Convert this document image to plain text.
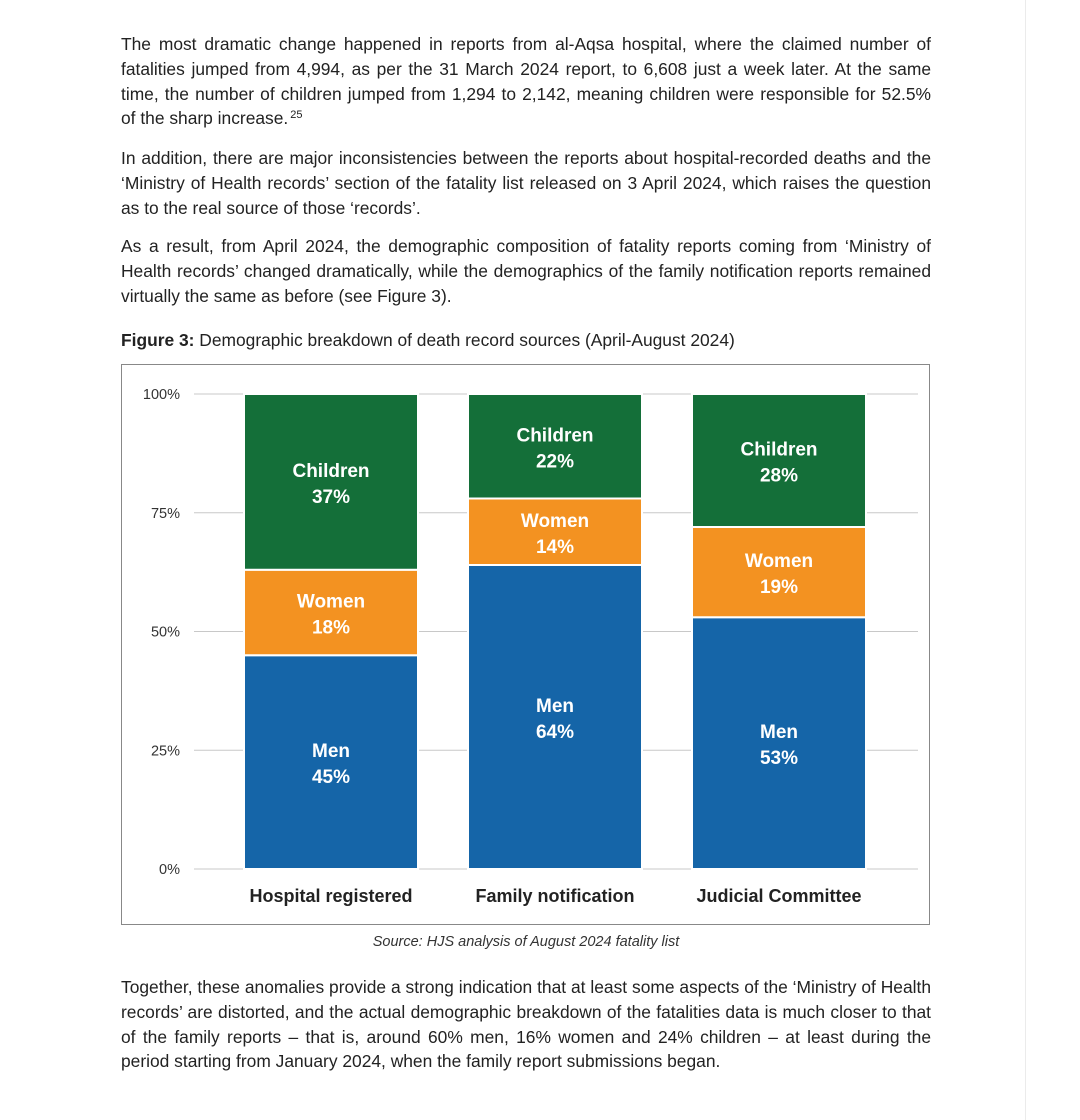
The most dramatic change happened in reports from al-Aqsa hospital, where the claimed number of fatalities jumped from 4,994, as per the 31 March 2024 report, to 6,608 just a week later. At the same time, the number of children jumped from 1,294 to 2,142, meaning children were responsible for 52.5% of the sharp increase. $^{25}$

In addition, there are major inconsistencies between the reports about hospital-recorded deaths and the ‘Ministry of Health records’ section of the fatality list released on 3 April 2024, which raises the question as to the real source of those ‘records’.

As a result, from April 2024, the demographic composition of fatality reports coming from ‘Ministry of Health records’ changed dramatically, while the demographics of the family notification reports remained virtually the same as before (see Figure 3).

Figure 3: Demographic breakdown of death record sources (April-August 2024)

0%
25%
50%
75%
100%
Men
45%
Women
18%
Children
37%
Hospital registered
Men
64%
Women
14%
Children
22%
Family notification
Men
53%
Women
19%
Children
28%
Judicial Committee

Source: HJS analysis of August 2024 fatality list

Together, these anomalies provide a strong indication that at least some aspects of the ‘Ministry of Health records’ are distorted, and the actual demographic breakdown of the fatalities data is much closer to that of the family reports – that is, around 60% men, 16% women and 24% children – at least during the period starting from January 2024, when the family report submissions began.
